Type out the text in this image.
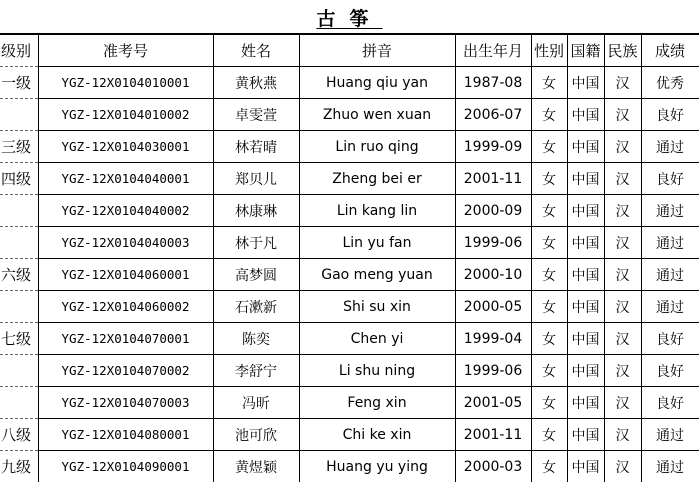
古筝
级别	准考号	姓名	拼音	出生年月	性别	国籍	民族	成绩
一级	YGZ-12X0104010001	黄秋燕	Huang qiu yan	1987-08	女	中国	汉	优秀
	YGZ-12X0104010002	卓雯萱	Zhuo wen xuan	2006-07	女	中国	汉	良好
三级	YGZ-12X0104030001	林若晴	Lin ruo qing	1999-09	女	中国	汉	通过
四级	YGZ-12X0104040001	郑贝儿	Zheng bei er	2001-11	女	中国	汉	良好
	YGZ-12X0104040002	林康琳	Lin kang lin	2000-09	女	中国	汉	通过
	YGZ-12X0104040003	林于凡	Lin yu fan	1999-06	女	中国	汉	通过
六级	YGZ-12X0104060001	高梦圆	Gao meng yuan	2000-10	女	中国	汉	通过
	YGZ-12X0104060002	石漱新	Shi su xin	2000-05	女	中国	汉	通过
七级	YGZ-12X0104070001	陈奕	Chen yi	1999-04	女	中国	汉	良好
	YGZ-12X0104070002	李舒宁	Li shu ning	1999-06	女	中国	汉	良好
	YGZ-12X0104070003	冯昕	Feng xin	2001-05	女	中国	汉	良好
八级	YGZ-12X0104080001	池可欣	Chi ke xin	2001-11	女	中国	汉	通过
九级	YGZ-12X0104090001	黄煜颖	Huang yu ying	2000-03	女	中国	汉	通过
